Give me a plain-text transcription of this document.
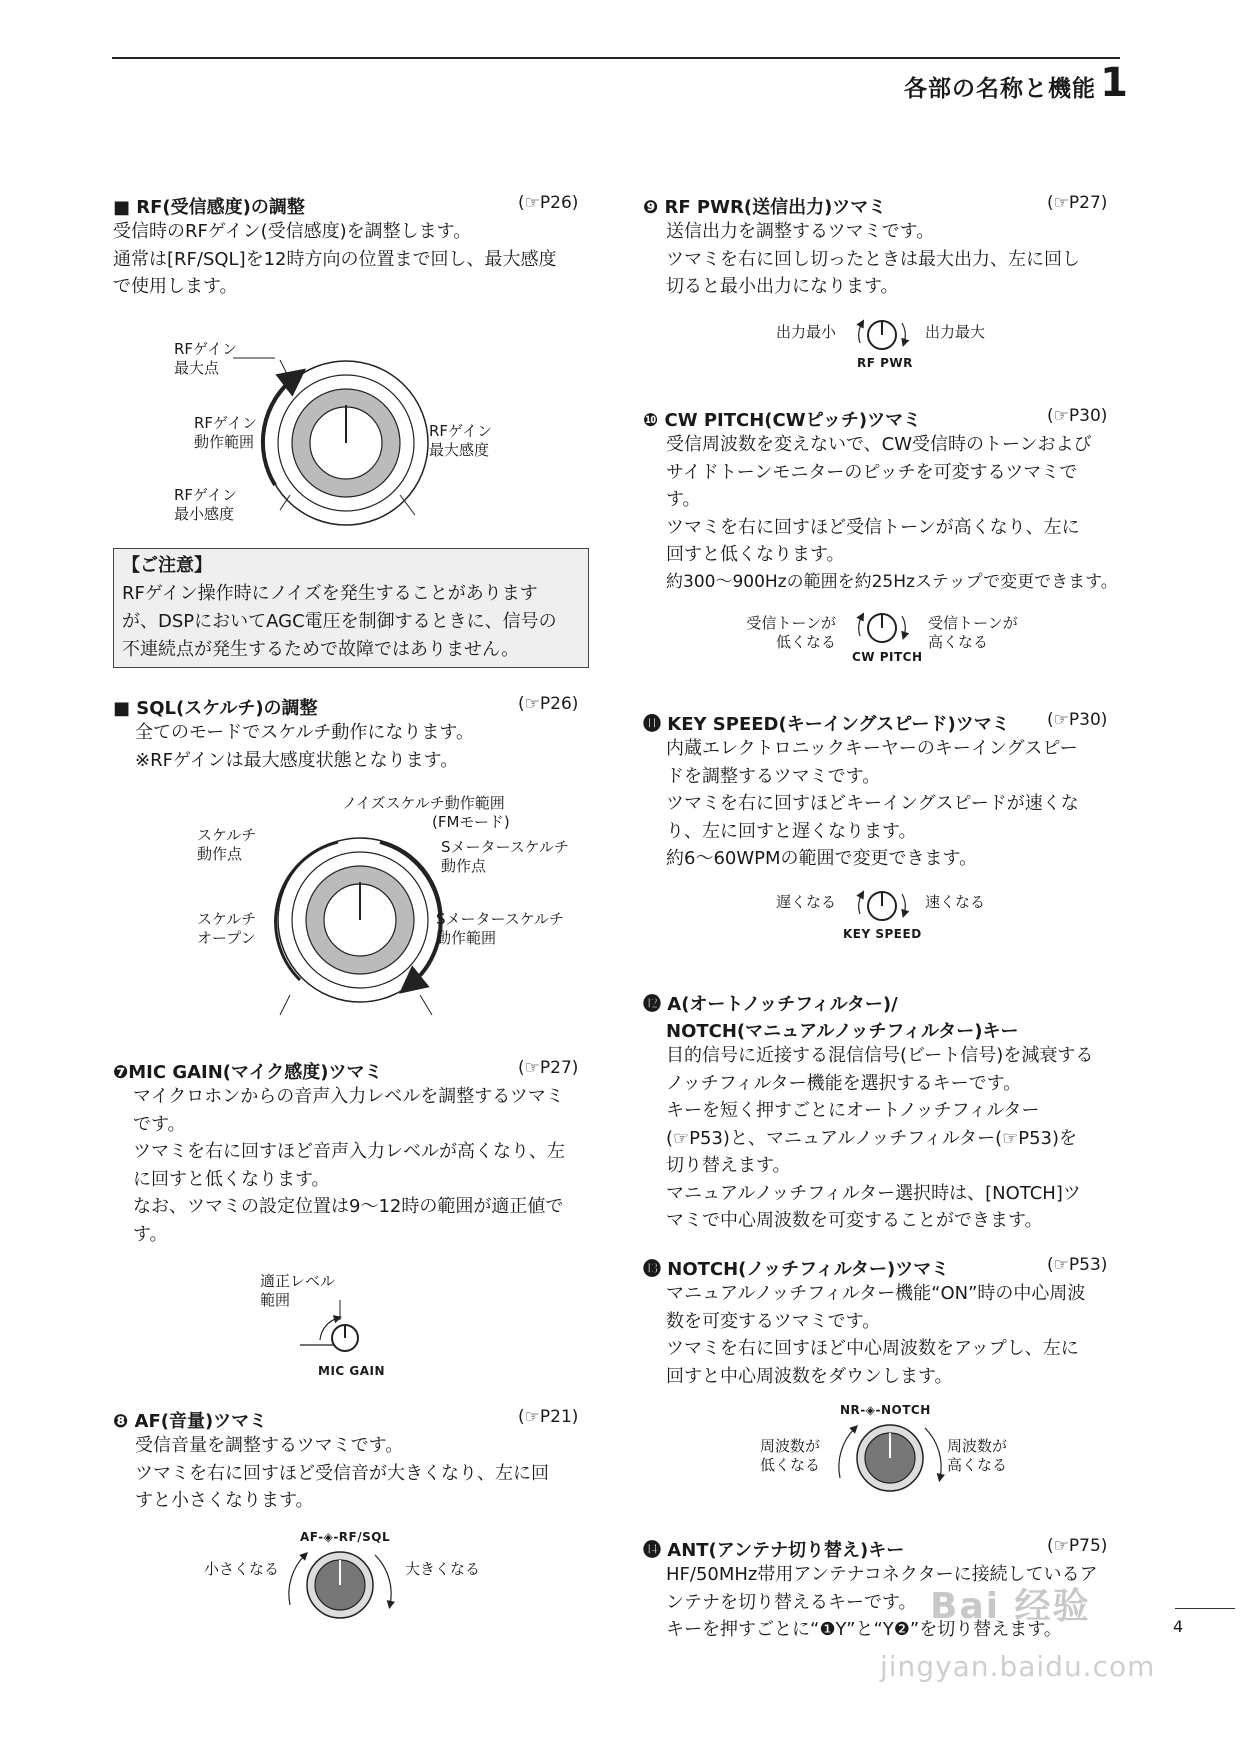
各部の名称と機能 1
■ RF(受信感度)の調整	(☞P26)
受信時のRFゲイン(受信感度)を調整します。
通常は[RF/SQL]を12時方向の位置まで回し、最大感度
で使用します。
RFゲイン
最大点
RFゲイン
動作範囲
RFゲイン
最大感度
RFゲイン
最小感度
【ご注意】
RFゲイン操作時にノイズを発生することがあります
が、DSPにおいてAGC電圧を制御するときに、信号の
不連続点が発生するためで故障ではありません。
■ SQL(スケルチ)の調整	(☞P26)
全てのモードでスケルチ動作になります。
※RFゲインは最大感度状態となります。
ノイズスケルチ動作範囲
(FMモード)
スケルチ
動作点	Sメータースケルチ
動作点
スケルチ
オープン
Sメータースケルチ
動作範囲
❼MIC GAIN(マイク感度)ツマミ	(☞P27)
マイクロホンからの音声入力レベルを調整するツマミ
です。
ツマミを右に回すほど音声入力レベルが高くなり、左
に回すと低くなります。
なお、ツマミの設定位置は9〜12時の範囲が適正値で
す。
適正レベル
範囲
MIC GAIN
❽ AF(音量)ツマミ	(☞P21)
受信音量を調整するツマミです。
ツマミを右に回すほど受信音が大きくなり、左に回
すと小さくなります。
AF-◈-RF/SQL
小さくなる	大きくなる
❾ RF PWR(送信出力)ツマミ	(☞P27)
送信出力を調整するツマミです。
ツマミを右に回し切ったときは最大出力、左に回し
切ると最小出力になります。
出力最小	出力最大
RF PWR
❿ CW PITCH(CWピッチ)ツマミ	(☞P30)
受信周波数を変えないで、CW受信時のトーンおよび
サイドトーンモニターのピッチを可変するツマミで
す。
ツマミを右に回すほど受信トーンが高くなり、左に
回すと低くなります。
約300〜900Hzの範囲を約25Hzステップで変更できます。
受信トーンが
低くなる
受信トーンが
高くなる
CW PITCH
⓫ KEY SPEED(キーイングスピード)ツマミ (☞P30)
内蔵エレクトロニックキーヤーのキーイングスピー
ドを調整するツマミです。
ツマミを右に回すほどキーイングスピードが速くな
り、左に回すと遅くなります。
約6〜60WPMの範囲で変更できます。
遅くなる	速くなる
KEY SPEED
⓬ A(オートノッチフィルター)/
NOTCH(マニュアルノッチフィルター)キー
目的信号に近接する混信信号(ビート信号)を減衰する
ノッチフィルター機能を選択するキーです。
キーを短く押すごとにオートノッチフィルター
(☞P53)と、マニュアルノッチフィルター(☞P53)を
切り替えます。
マニュアルノッチフィルター選択時は、[NOTCH]ツ
マミで中心周波数を可変することができます。
⓭ NOTCH(ノッチフィルター)ツマミ	(☞P53)
マニュアルノッチフィルター機能“ON”時の中心周波
数を可変するツマミです。
ツマミを右に回すほど中心周波数をアップし、左に
回すと中心周波数をダウンします。
NR-◈-NOTCH
周波数が
低くなる
周波数が
高くなる
⓮ ANT(アンテナ切り替え)キー	(☞P75)
HF/50MHz帯用アンテナコネクターに接続しているア
ンテナを切り替えるキーです。
キーを押すごとに“❶Y”と“Y❷”を切り替えます。	4
Bai 经验
jingyan.baidu.com
